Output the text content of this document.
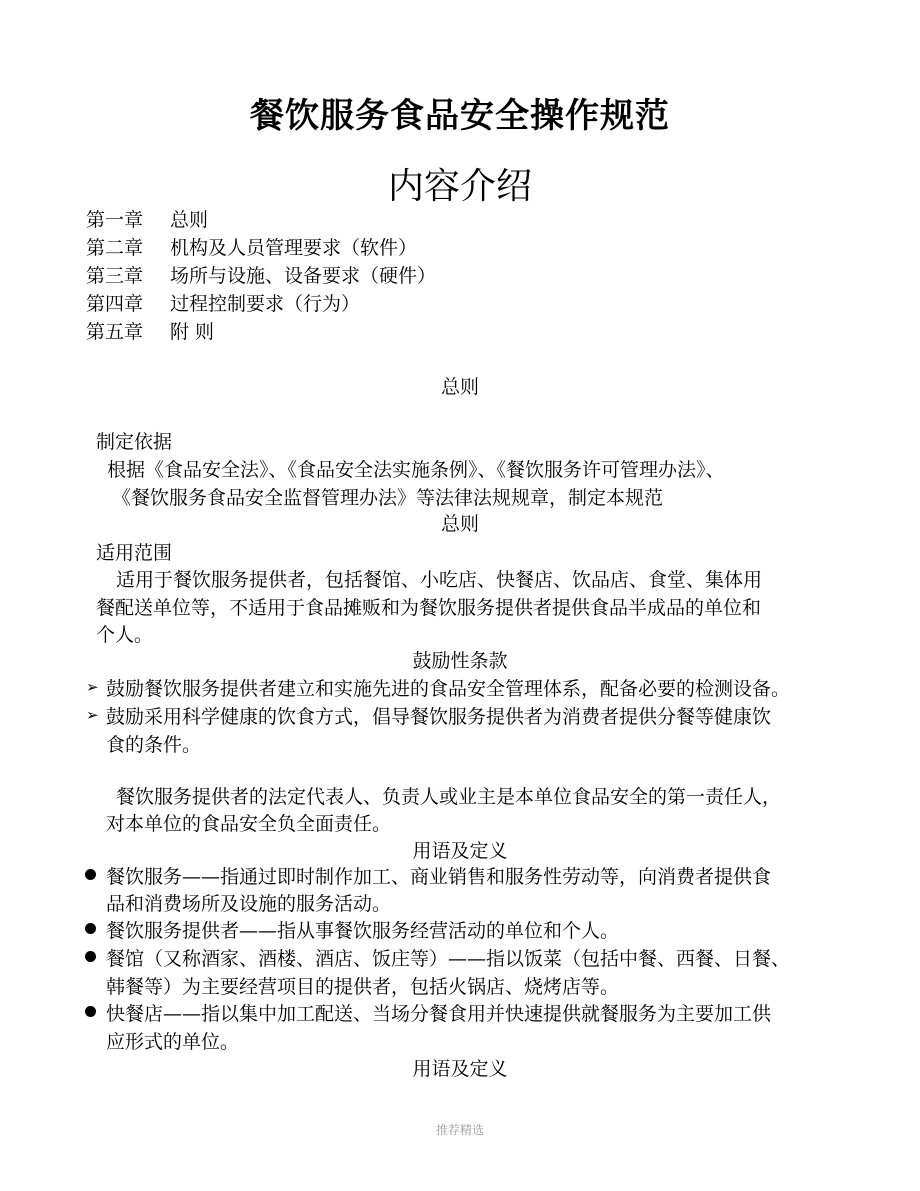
餐饮服务食品安全操作规范
内容介绍
第一章 总则
第二章 机构及人员管理要求（软件）
第三章 场所与设施、设备要求（硬件）
第四章 过程控制要求（行为）
第五章 附 则
总则
制定依据
根据《食品安全法》、《食品安全法实施条例》、《餐饮服务许可管理办法》、
《餐饮服务食品安全监督管理办法》等法律法规规章，制定本规范
总则
适用范围
适用于餐饮服务提供者，包括餐馆、小吃店、快餐店、饮品店、食堂、集体用
餐配送单位等，不适用于食品摊贩和为餐饮服务提供者提供食品半成品的单位和
个人。
鼓励性条款
➢ 鼓励餐饮服务提供者建立和实施先进的食品安全管理体系，配备必要的检测设备。
➢ 鼓励采用科学健康的饮食方式，倡导餐饮服务提供者为消费者提供分餐等健康饮
食的条件。
餐饮服务提供者的法定代表人、负责人或业主是本单位食品安全的第一责任人，
对本单位的食品安全负全面责任。
用语及定义
餐饮服务——指通过即时制作加工、商业销售和服务性劳动等，向消费者提供食
品和消费场所及设施的服务活动。
餐饮服务提供者——指从事餐饮服务经营活动的单位和个人。
餐馆（又称酒家、酒楼、酒店、饭庄等）——指以饭菜（包括中餐、西餐、日餐、
韩餐等）为主要经营项目的提供者，包括火锅店、烧烤店等。
快餐店——指以集中加工配送、当场分餐食用并快速提供就餐服务为主要加工供
应形式的单位。
用语及定义
推荐精选
